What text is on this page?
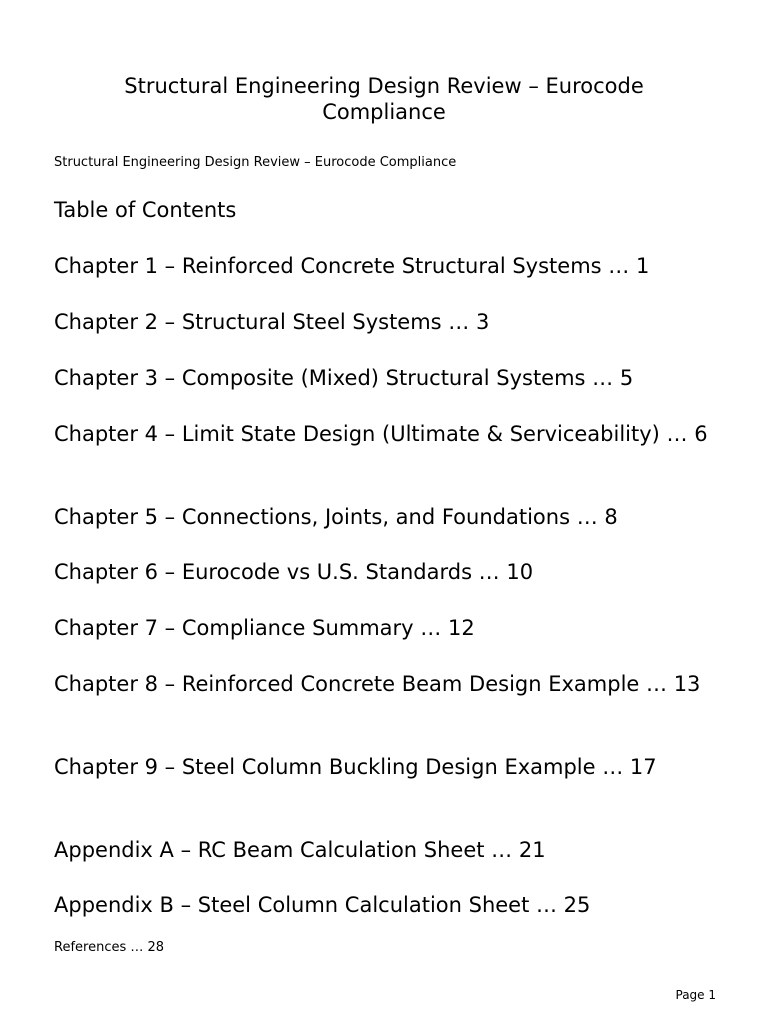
Structural Engineering Design Review – Eurocode Compliance

Structural Engineering Design Review – Eurocode Compliance

Table of Contents
Chapter 1 – Reinforced Concrete Structural Systems … 1
Chapter 2 – Structural Steel Systems … 3
Chapter 3 – Composite (Mixed) Structural Systems … 5
Chapter 4 – Limit State Design (Ultimate & Serviceability) … 6
Chapter 5 – Connections, Joints, and Foundations … 8
Chapter 6 – Eurocode vs U.S. Standards … 10
Chapter 7 – Compliance Summary … 12
Chapter 8 – Reinforced Concrete Beam Design Example … 13
Chapter 9 – Steel Column Buckling Design Example … 17
Appendix A – RC Beam Calculation Sheet … 21
Appendix B – Steel Column Calculation Sheet … 25
References … 28
Page 1
